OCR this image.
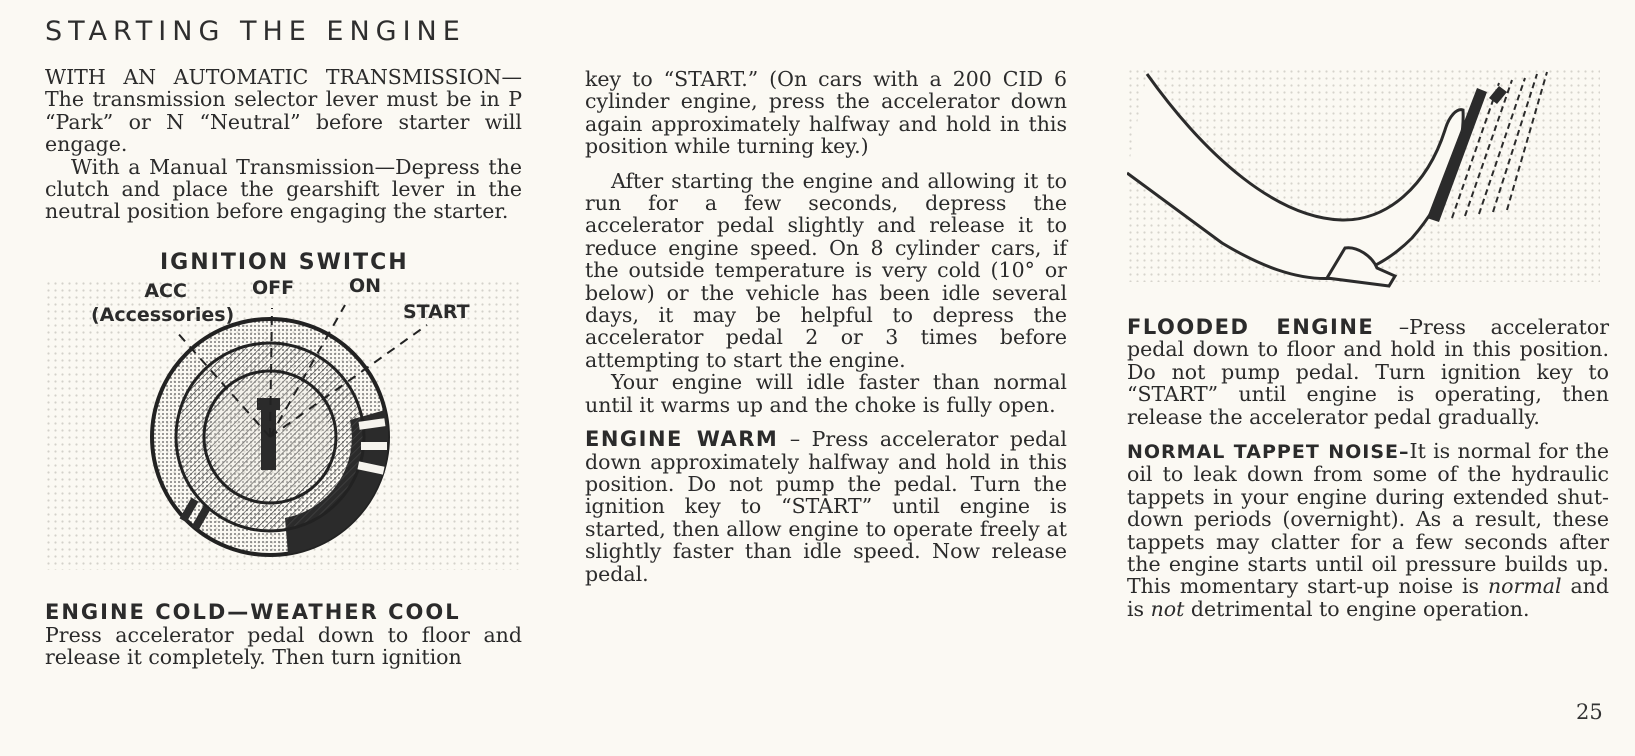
STARTING THE ENGINE

WITH AN AUTOMATIC TRANSMISSION—The transmission selector lever must be in P “Park” or N “Neutral” before starter will engage.

With a Manual Transmission—Depress the clutch and place the gearshift lever in the neutral position before engaging the starter.

IGNITION SWITCH
ACC
(Accessories)
OFF	ON
START
ENGINE COLD—WEATHER COOL

Press accelerator pedal down to floor and release it completely. Then turn ignition

key to “START.” (On cars with a 200 CID 6 cylinder engine, press the accelerator down again approximately halfway and hold in this position while turning key.)

After starting the engine and allowing it to run for a few seconds, depress the accelerator pedal slightly and release it to reduce engine speed. On 8 cylinder cars, if the outside temperature is very cold (10° or below) or the vehicle has been idle several days, it may be helpful to depress the accelerator pedal 2 or 3 times before attempting to start the engine.

Your engine will idle faster than normal until it warms up and the choke is fully open.

ENGINE WARM – Press accelerator pedal down approximately halfway and hold in this position. Do not pump the pedal. Turn the ignition key to “START” until engine is started, then allow engine to operate freely at slightly faster than idle speed. Now release pedal.

FLOODED ENGINE –Press accelerator pedal down to floor and hold in this position. Do not pump pedal. Turn ignition key to “START” until engine is operating, then release the accelerator pedal gradually.

NORMAL TAPPET NOISE–It is normal for the oil to leak down from some of the hydraulic tappets in your engine during extended shut-down periods (overnight). As a result, these tappets may clatter for a few seconds after the engine starts until oil pressure builds up. This momentary start-up noise is normal and is not detrimental to engine operation.

25
